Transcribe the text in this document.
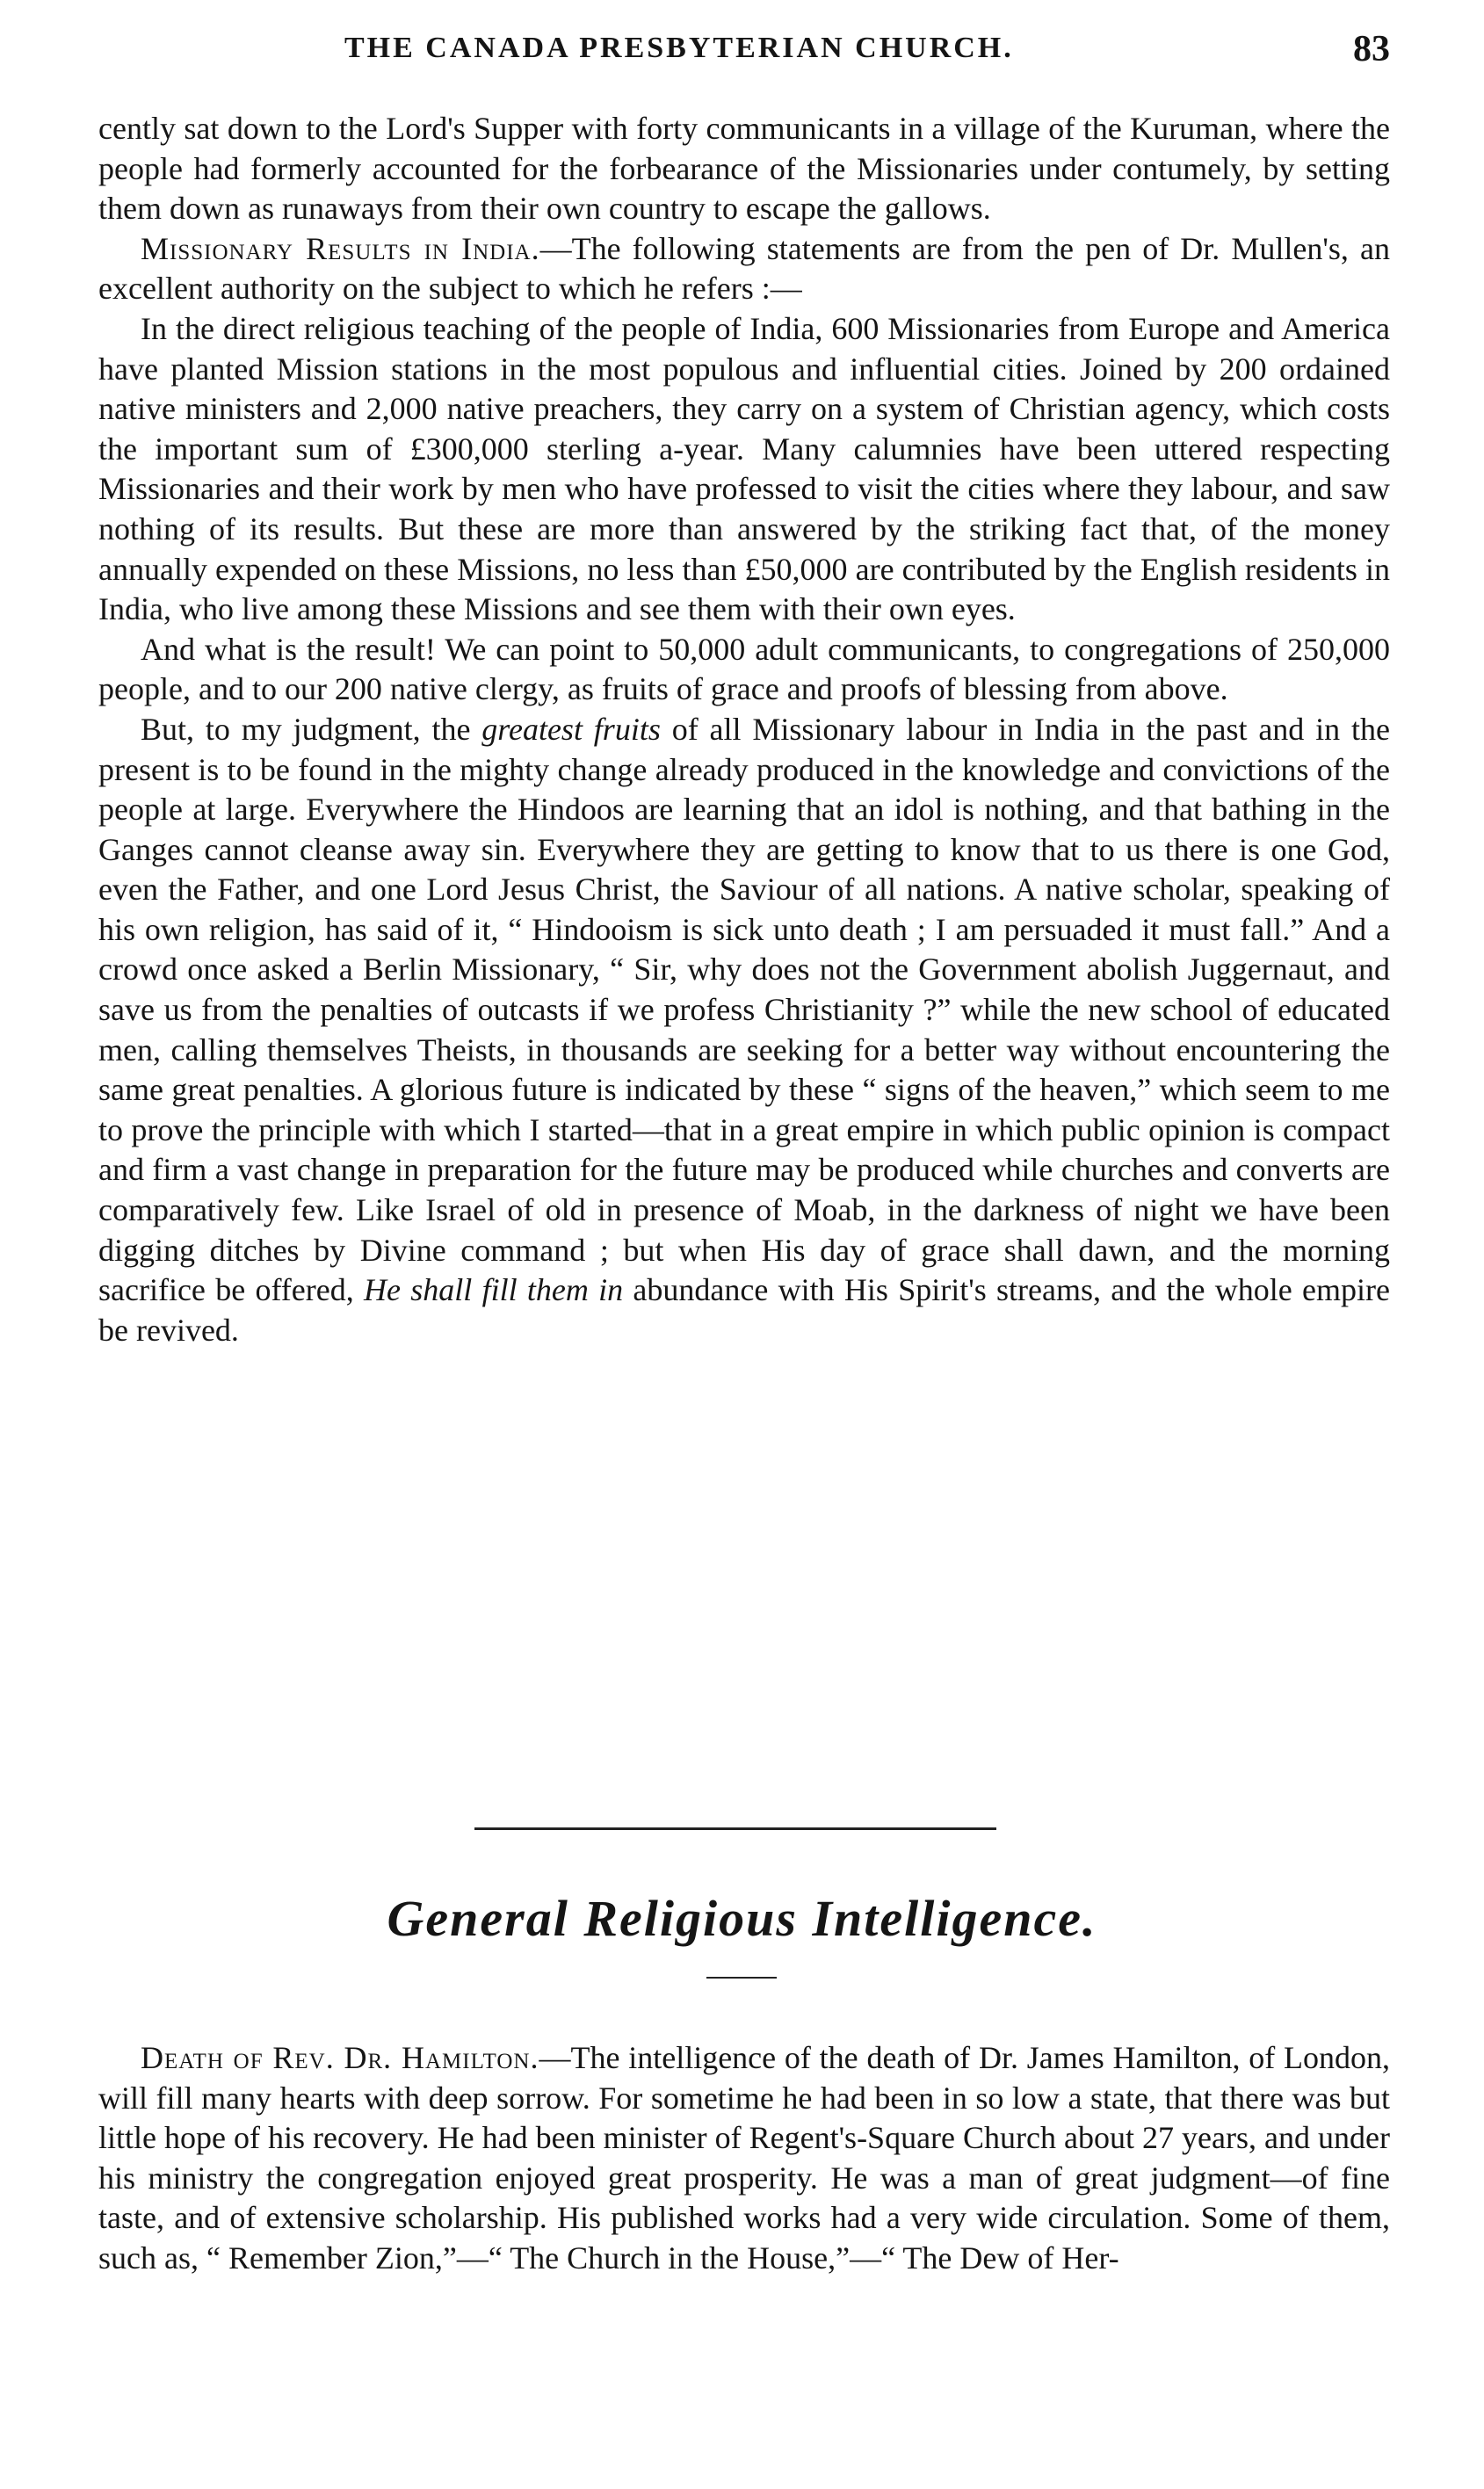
THE CANADA PRESBYTERIAN CHURCH.	83

cently sat down to the Lord's Supper with forty communicants in a village of the Kuruman, where the people had formerly accounted for the forbearance of the Missionaries under contumely, by setting them down as runaways from their own country to escape the gallows.

Missionary Results in India.—The following statements are from the pen of Dr. Mullen's, an excellent authority on the subject to which he refers :—

In the direct religious teaching of the people of India, 600 Missionaries from Europe and America have planted Mission stations in the most populous and influential cities. Joined by 200 ordained native ministers and 2,000 native preachers, they carry on a system of Christian agency, which costs the important sum of £300,000 sterling a-year. Many calumnies have been uttered respecting Missionaries and their work by men who have professed to visit the cities where they labour, and saw nothing of its results. But these are more than answered by the striking fact that, of the money annually expended on these Missions, no less than £50,000 are contributed by the English residents in India, who live among these Missions and see them with their own eyes.

And what is the result! We can point to 50,000 adult communicants, to congregations of 250,000 people, and to our 200 native clergy, as fruits of grace and proofs of blessing from above.

But, to my judgment, the greatest fruits of all Missionary labour in India in the past and in the present is to be found in the mighty change already produced in the knowledge and convictions of the people at large. Everywhere the Hindoos are learning that an idol is nothing, and that bathing in the Ganges cannot cleanse away sin. Everywhere they are getting to know that to us there is one God, even the Father, and one Lord Jesus Christ, the Saviour of all nations. A native scholar, speaking of his own religion, has said of it, “ Hindooism is sick unto death ; I am persuaded it must fall.” And a crowd once asked a Berlin Missionary, “ Sir, why does not the Government abolish Juggernaut, and save us from the penalties of outcasts if we profess Christianity ?” while the new school of educated men, calling themselves Theists, in thousands are seeking for a better way without encountering the same great penalties. A glorious future is indicated by these “ signs of the heaven,” which seem to me to prove the principle with which I started—that in a great empire in which public opinion is compact and firm a vast change in preparation for the future may be produced while churches and converts are comparatively few. Like Israel of old in presence of Moab, in the darkness of night we have been digging ditches by Divine command ; but when His day of grace shall dawn, and the morning sacrifice be offered, He shall fill them in abundance with His Spirit's streams, and the whole empire be revived.

General Religious Intelligence.

Death of Rev. Dr. Hamilton.—The intelligence of the death of Dr. James Hamilton, of London, will fill many hearts with deep sorrow. For sometime he had been in so low a state, that there was but little hope of his recovery. He had been minister of Regent's-Square Church about 27 years, and under his ministry the congregation enjoyed great prosperity. He was a man of great judgment—of fine taste, and of extensive scholarship. His published works had a very wide circulation. Some of them, such as, “ Remember Zion,”—“ The Church in the House,”—“ The Dew of Her-
